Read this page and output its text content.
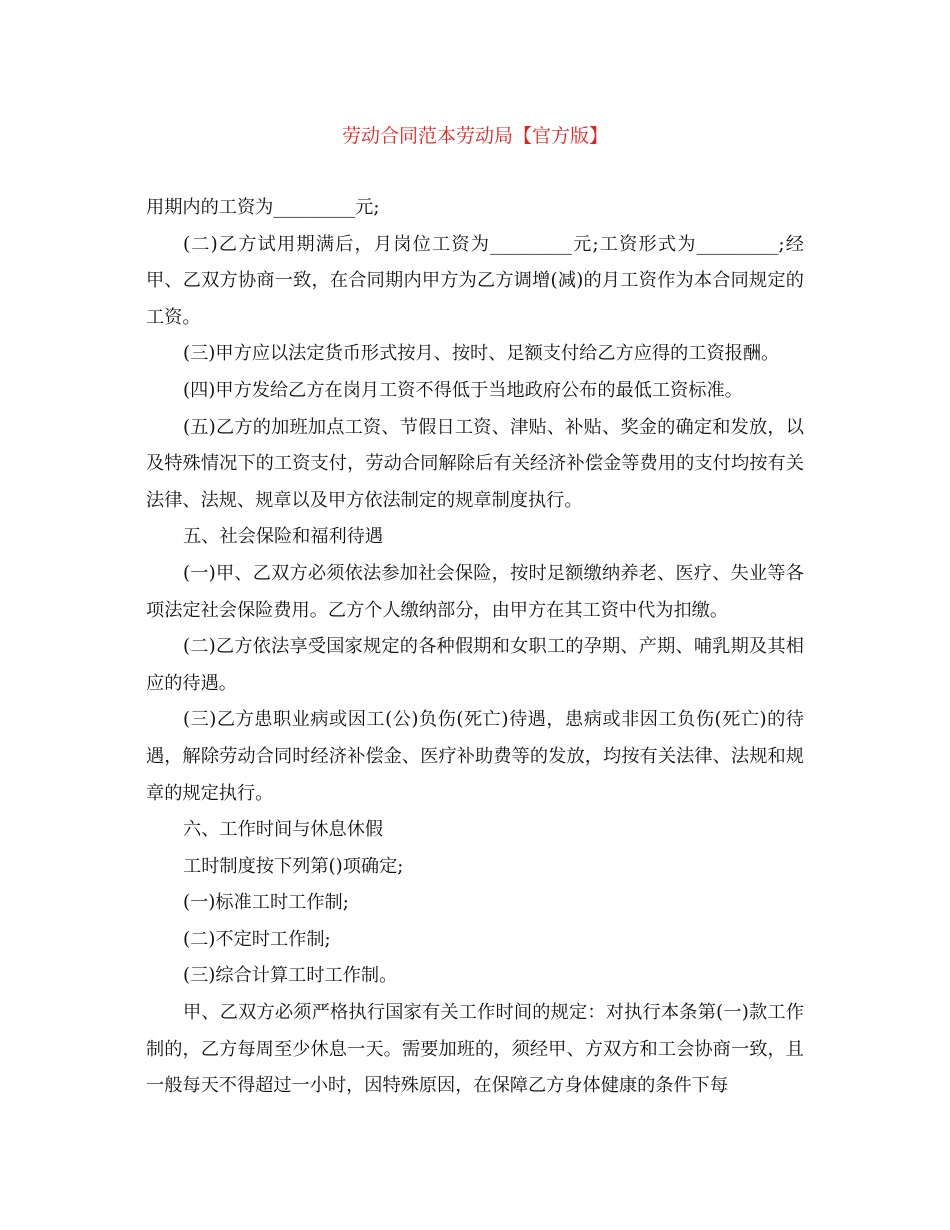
劳动合同范本劳动局【官方版】

用期内的工资为_________元;

(二)乙方试用期满后，月岗位工资为_________元;工资形式为_________;经甲、乙双方协商一致，在合同期内甲方为乙方调增(减)的月工资作为本合同规定的工资。

(三)甲方应以法定货币形式按月、按时、足额支付给乙方应得的工资报酬。

(四)甲方发给乙方在岗月工资不得低于当地政府公布的最低工资标准。

(五)乙方的加班加点工资、节假日工资、津贴、补贴、奖金的确定和发放，以及特殊情况下的工资支付，劳动合同解除后有关经济补偿金等费用的支付均按有关法律、法规、规章以及甲方依法制定的规章制度执行。

五、社会保险和福利待遇

(一)甲、乙双方必须依法参加社会保险，按时足额缴纳养老、医疗、失业等各项法定社会保险费用。乙方个人缴纳部分，由甲方在其工资中代为扣缴。

(二)乙方依法享受国家规定的各种假期和女职工的孕期、产期、哺乳期及其相应的待遇。

(三)乙方患职业病或因工(公)负伤(死亡)待遇，患病或非因工负伤(死亡)的待遇，解除劳动合同时经济补偿金、医疗补助费等的发放，均按有关法律、法规和规章的规定执行。

六、工作时间与休息休假

工时制度按下列第()项确定;

(一)标准工时工作制;

(二)不定时工作制;

(三)综合计算工时工作制。

甲、乙双方必须严格执行国家有关工作时间的规定：对执行本条第(一)款工作制的，乙方每周至少休息一天。需要加班的，须经甲、方双方和工会协商一致，且一般每天不得超过一小时，因特殊原因，在保障乙方身体健康的条件下每
